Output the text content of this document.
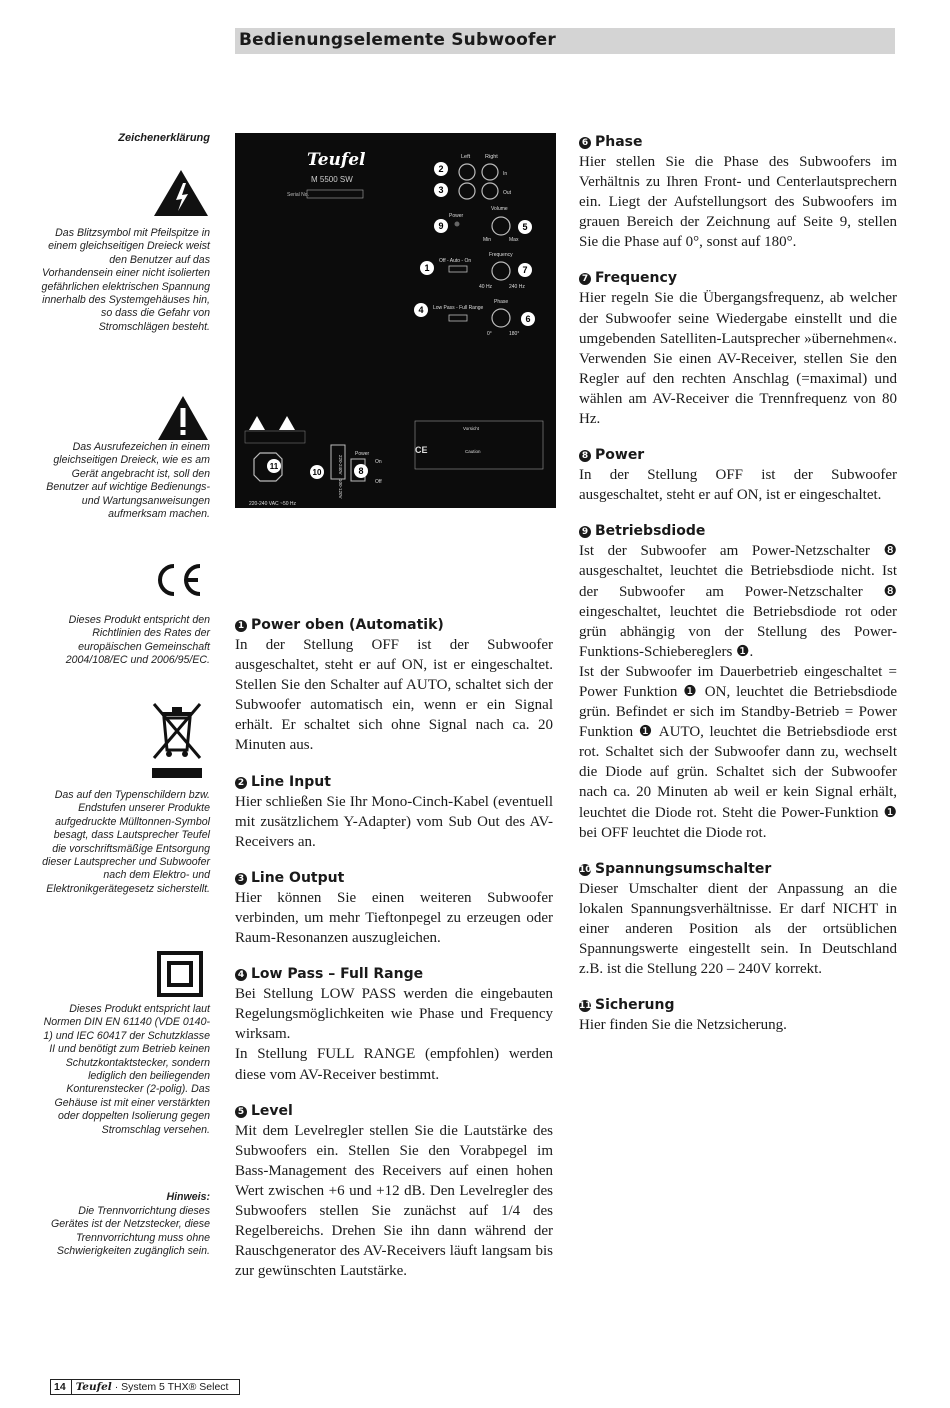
Bedienungselemente Subwoofer
Zeichenerklärung
Das Blitzsymbol mit Pfeilspitze in einem gleichseitigen Dreieck weist den Benutzer auf das Vorhandensein einer nicht isolierten gefährlichen elektrischen Spannung innerhalb des Systemgehäuses hin, so dass die Gefahr von Stromschlägen besteht.
Das Ausrufezeichen in einem gleichseitigen Dreieck, wie es am Gerät angebracht ist, soll den Benutzer auf wichtige Bedienungs- und Wartungsanweisungen aufmerksam machen.
Dieses Produkt entspricht den Richtlinien des Rates der europäischen Gemeinschaft 2004/108/EC und 2006/95/EC.
Das auf den Typenschildern bzw. Endstufen unserer Produkte aufgedruckte Mülltonnen-Symbol besagt, dass Lautsprecher Teufel die vorschriftsmäßige Entsorgung dieser Lautsprecher und Subwoofer nach dem Elektro- und Elektronikgerätegesetz sicherstellt.
Dieses Produkt entspricht laut Normen DIN EN 61140 (VDE 0140-1) und IEC 60417 der Schutzklasse II und benötigt zum Betrieb keinen Schutzkontaktstecker, sondern lediglich den beiliegenden Konturenstecker (2-polig). Das Gehäuse ist mit einer verstärkten oder doppelten Isolierung gegen Stromschlag versehen.
Hinweis:
Die Trennvorrichtung dieses Gerätes ist der Netzstecker, diese Trennvorrichtung muss ohne Schwierigkeiten zugänglich sein.
Teufel
M 5500 SW
Serial No.
Left	Right
In
Out
2
3
Power
9
Volume
Min	Max
5
Off - Auto - On
1
Frequency
40 Hz	240 Hz
7
Low Pass - Full Range
4
Phase
0°	180°
6
11
220-240 VAC ~50 Hz
220-240V
100-120V
10
Power
On
Off
8
Vorsicht
Caution
CE
1 Power oben (Automatik)

In der Stellung OFF ist der Subwoofer ausgeschaltet, steht er auf ON, ist er eingeschaltet. Stellen Sie den Schalter auf AUTO, schaltet sich der Subwoofer automatisch ein, wenn er ein Signal erhält. Er schaltet sich ohne Signal nach ca. 20 Minuten aus.

2 Line Input

Hier schließen Sie Ihr Mono-Cinch-Kabel (eventuell mit zusätzlichem Y-Adapter) vom Sub Out des AV-Receivers an.

3 Line Output

Hier können Sie einen weiteren Subwoofer verbinden, um mehr Tieftonpegel zu erzeugen oder Raum-Resonanzen auszugleichen.

4 Low Pass – Full Range

Bei Stellung LOW PASS werden die eingebauten Regelungsmöglichkeiten wie Phase und Frequency wirksam.

In Stellung FULL RANGE (empfohlen) werden diese vom AV-Receiver bestimmt.

5 Level

Mit dem Levelregler stellen Sie die Lautstärke des Subwoofers ein. Stellen Sie den Vorabpegel im Bass-Management des Receivers auf einen hohen Wert zwischen +6 und +12 dB. Den Levelregler des Subwoofers stellen Sie zunächst auf 1/4 des Regelbereichs. Drehen Sie ihn dann während der Rauschgenerator des AV-Receivers läuft langsam bis zur gewünschten Lautstärke.

6 Phase

Hier stellen Sie die Phase des Subwoofers im Verhältnis zu Ihren Front- und Centerlautsprechern ein. Liegt der Aufstellungsort des Subwoofers im grauen Bereich der Zeichnung auf Seite 9, stellen Sie die Phase auf 0°, sonst auf 180°.

7 Frequency

Hier regeln Sie die Übergangsfrequenz, ab welcher der Subwoofer seine Wiedergabe einstellt und die umgebenden Satelliten-Lautsprecher »übernehmen«. Verwenden Sie einen AV-Receiver, stellen Sie den Regler auf den rechten Anschlag (=maximal) und wählen am AV-Receiver die Trennfrequenz von 80 Hz.

8 Power

In der Stellung OFF ist der Subwoofer ausgeschaltet, steht er auf ON, ist er eingeschaltet.

9 Betriebsdiode

Ist der Subwoofer am Power-Netzschalter ❽ ausgeschaltet, leuchtet die Betriebsdiode nicht. Ist der Subwoofer am Power-Netzschalter ❽ eingeschaltet, leuchtet die Betriebsdiode rot oder grün abhängig von der Stellung des Power-Funktions-Schiebereglers ❶.

Ist der Subwoofer im Dauerbetrieb eingeschaltet = Power Funktion ❶ ON, leuchtet die Betriebsdiode grün. Befindet er sich im Standby-Betrieb = Power Funktion ❶ AUTO, leuchtet die Betriebsdiode erst rot. Schaltet sich der Subwoofer dann zu, wechselt die Diode auf grün. Schaltet sich der Subwoofer nach ca. 20 Minuten ab weil er kein Signal erhält, leuchtet die Diode rot. Steht die Power-Funktion ❶ bei OFF leuchtet die Diode rot.

10 Spannungsumschalter

Dieser Umschalter dient der Anpassung an die lokalen Spannungsverhältnisse. Er darf NICHT in einer anderen Position als der ortsüblichen Spannungswerte eingestellt sein. In Deutschland z.B. ist die Stellung 220 – 240V korrekt.

11 Sicherung

Hier finden Sie die Netzsicherung.

14 Teufel · System 5 THX® Select
